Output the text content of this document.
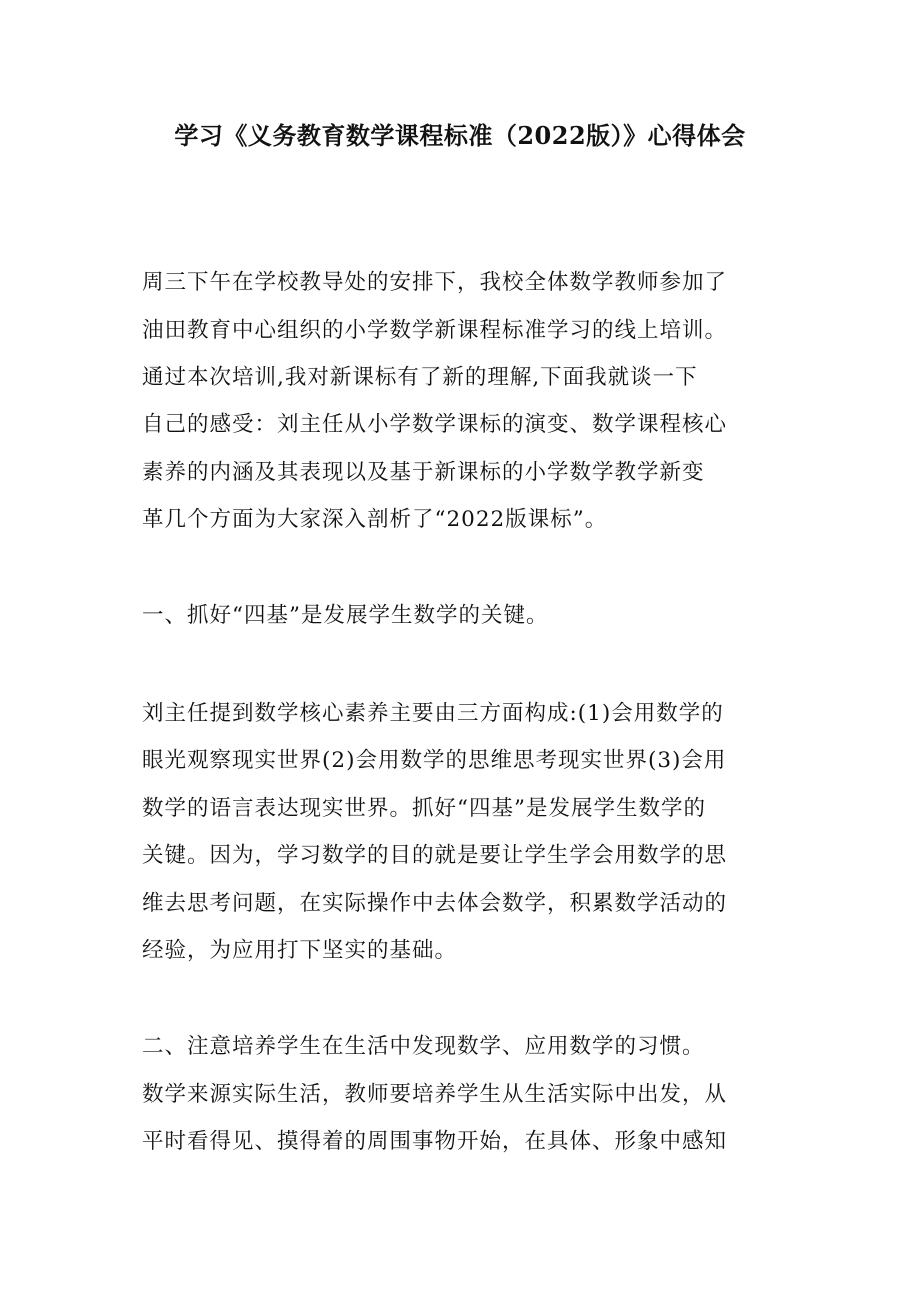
学习《义务教育数学课程标准（2022版）》心得体会

周三下午在学校教导处的安排下，我校全体数学教师参加了

油田教育中心组织的小学数学新课程标准学习的线上培训。

通过本次培训,我对新课标有了新的理解,下面我就谈一下

自己的感受：刘主任从小学数学课标的演变、数学课程核心

素养的内涵及其表现以及基于新课标的小学数学教学新变

革几个方面为大家深入剖析了“2022版课标”。

一、抓好“四基”是发展学生数学的关键。

刘主任提到数学核心素养主要由三方面构成:(1)会用数学的

眼光观察现实世界(2)会用数学的思维思考现实世界(3)会用

数学的语言表达现实世界。抓好“四基”是发展学生数学的

关键。因为，学习数学的目的就是要让学生学会用数学的思

维去思考问题，在实际操作中去体会数学，积累数学活动的

经验，为应用打下坚实的基础。

二、注意培养学生在生活中发现数学、应用数学的习惯。

数学来源实际生活，教师要培养学生从生活实际中出发，从

平时看得见、摸得着的周围事物开始，在具体、形象中感知
